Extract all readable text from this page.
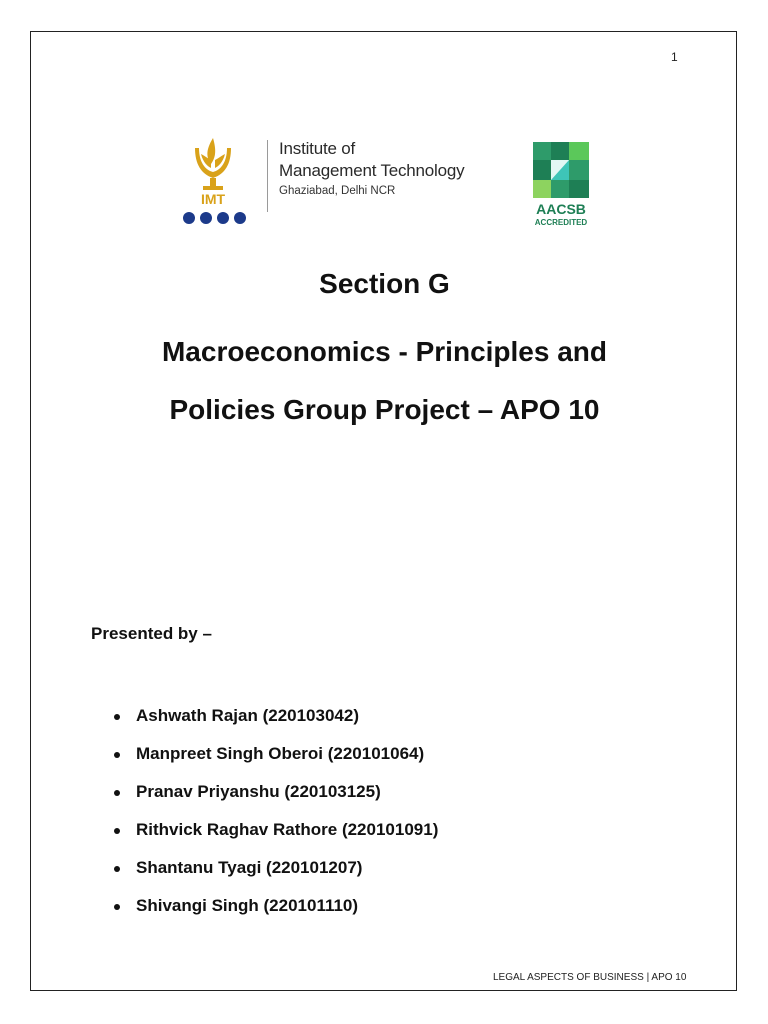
1
IMT
Institute of
Management Technology
Ghaziabad, Delhi NCR
AACSB
ACCREDITED
Section G
Macroeconomics - Principles and
Policies Group Project – APO 10
Presented by –
Ashwath Rajan (220103042)
Manpreet Singh Oberoi (220101064)
Pranav Priyanshu (220103125)
Rithvick Raghav Rathore (220101091)
Shantanu Tyagi (220101207)
Shivangi Singh (220101110)
LEGAL ASPECTS OF BUSINESS | APO 10
